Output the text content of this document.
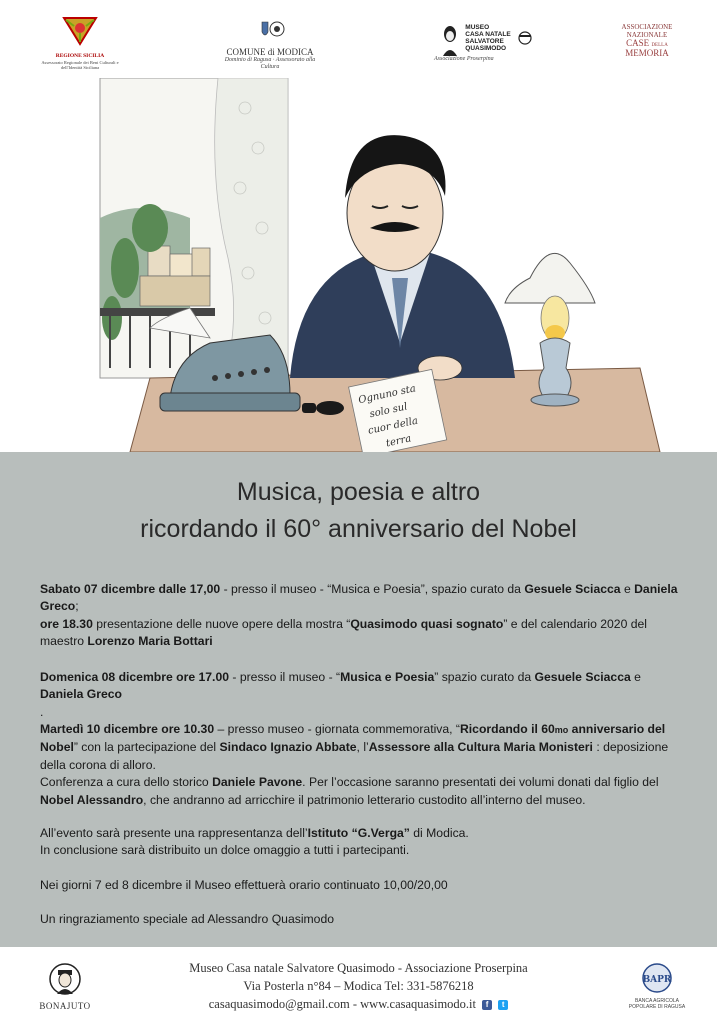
REGIONE SICILIA
Assessorato Regionale dei Beni Culturali e dell'Identità Siciliana
COMUNE di MODICA
Dominio di Ragusa · Assessorato alla Cultura
MUSEO
CASA NATALE
SALVATORE
QUASIMODO
Associazione Proserpina
ASSOCIAZIONE
NAZIONALE
CASE DELLA
MEMORIA
Ognuno sta
solo sul
cuor della
terra
Musica, poesia e altro
ricordando il 60° anniversario del Nobel
Sabato 07 dicembre dalle 17,00 - presso il museo - “Musica e Poesia”, spazio curato da Gesuele Sciacca e Daniela Greco;
ore 18.30 presentazione delle nuove opere della mostra “Quasimodo quasi sognato” e del calendario 2020 del maestro Lorenzo Maria Bottari
Domenica 08 dicembre ore 17.00 - presso il museo - “Musica e Poesia” spazio curato da Gesuele Sciacca e Daniela Greco
.
Martedì 10 dicembre ore 10.30 – presso museo - giornata commemorativa, “Ricordando il 60mo anniversario del Nobel” con la partecipazione del Sindaco Ignazio Abbate, l’Assessore alla Cultura Maria Monisteri : deposizione della corona di alloro.
Conferenza a cura dello storico Daniele Pavone. Per l’occasione saranno presentati dei volumi donati dal figlio del Nobel Alessandro, che andranno ad arricchire il patrimonio letterario custodito all’interno del museo.
All’evento sarà presente una rappresentanza dell’Istituto “G.Verga” di Modica.
In conclusione sarà distribuito un dolce omaggio a tutti i partecipanti.
Nei giorni 7 ed 8 dicembre il Museo effettuerà orario continuato 10,00/20,00
Un ringraziamento speciale ad Alessandro Quasimodo
BONAJUTO
Museo Casa natale Salvatore Quasimodo - Associazione Proserpina
Via Posterla n°84 – Modica Tel: 331-5876218
casaquasimodo@gmail.com - www.casaquasimodo.it f t
BAPR
BANCA AGRICOLA
POPOLARE DI RAGUSA
